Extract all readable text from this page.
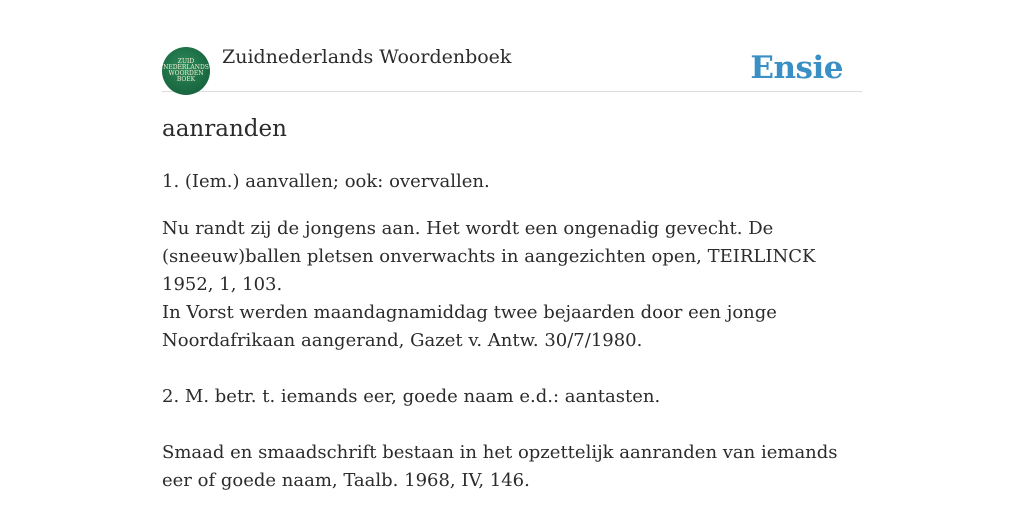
ZUID
NEDERLANDS
WOORDEN
BOEK
Zuidnederlands Woordenboek	Ensie
aanranden

1. (Iem.) aanvallen; ook: overvallen.

Nu randt zij de jongens aan. Het wordt een ongenadig gevecht. De (sneeuw)ballen pletsen onverwachts in aangezichten open, TEIRLINCK 1952, 1, 103.

In Vorst werden maandagnamiddag twee bejaarden door een jonge Noordafrikaan aangerand, Gazet v. Antw. 30/7/1980.

2. M. betr. t. iemands eer, goede naam e.d.: aantasten.

Smaad en smaadschrift bestaan in het opzettelijk aanranden van iemands eer of goede naam, Taalb. 1968, IV, 146.
